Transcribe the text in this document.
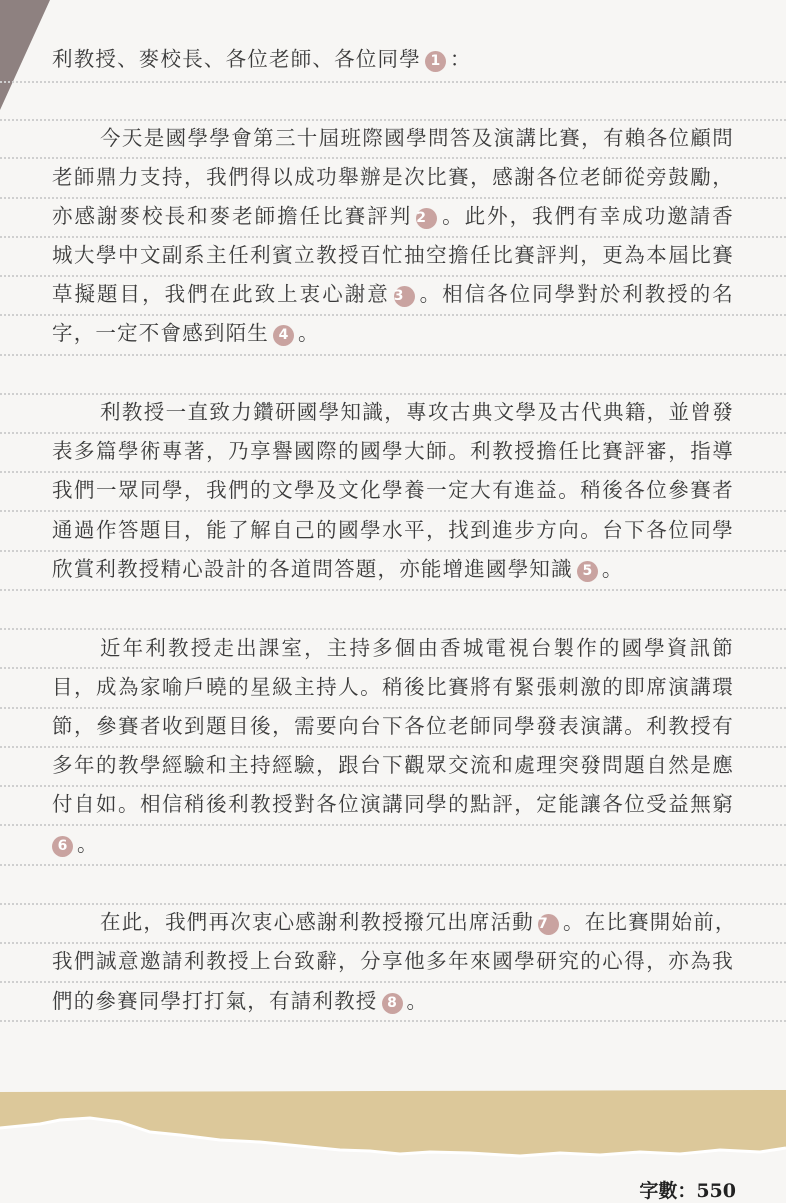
利教授、麥校長、各位老師、各位同學 1 ：
今天是國學學會第三十屆班際國學問答及演講比賽，有賴各位顧問
老師鼎力支持，我們得以成功舉辦是次比賽，感謝各位老師從旁鼓勵，
亦感謝麥校長和麥老師擔任比賽評判 2 。此外，我們有幸成功邀請香
城大學中文副系主任利賓立教授百忙抽空擔任比賽評判，更為本屆比賽
草擬題目，我們在此致上衷心謝意 3 。相信各位同學對於利教授的名
字，一定不會感到陌生 4 。
利教授一直致力鑽研國學知識，專攻古典文學及古代典籍，並曾發
表多篇學術專著，乃享譽國際的國學大師。利教授擔任比賽評審，指導
我們一眾同學，我們的文學及文化學養一定大有進益。稍後各位參賽者
通過作答題目，能了解自己的國學水平，找到進步方向。台下各位同學
欣賞利教授精心設計的各道問答題，亦能增進國學知識 5 。
近年利教授走出課室，主持多個由香城電視台製作的國學資訊節
目，成為家喻戶曉的星級主持人。稍後比賽將有緊張刺激的即席演講環
節，參賽者收到題目後，需要向台下各位老師同學發表演講。利教授有
多年的教學經驗和主持經驗，跟台下觀眾交流和處理突發問題自然是應
付自如。相信稍後利教授對各位演講同學的點評，定能讓各位受益無窮
6 。
在此，我們再次衷心感謝利教授撥冗出席活動 7 。在比賽開始前，
我們誠意邀請利教授上台致辭，分享他多年來國學研究的心得，亦為我
們的參賽同學打打氣，有請利教授 8 。
字數：550
